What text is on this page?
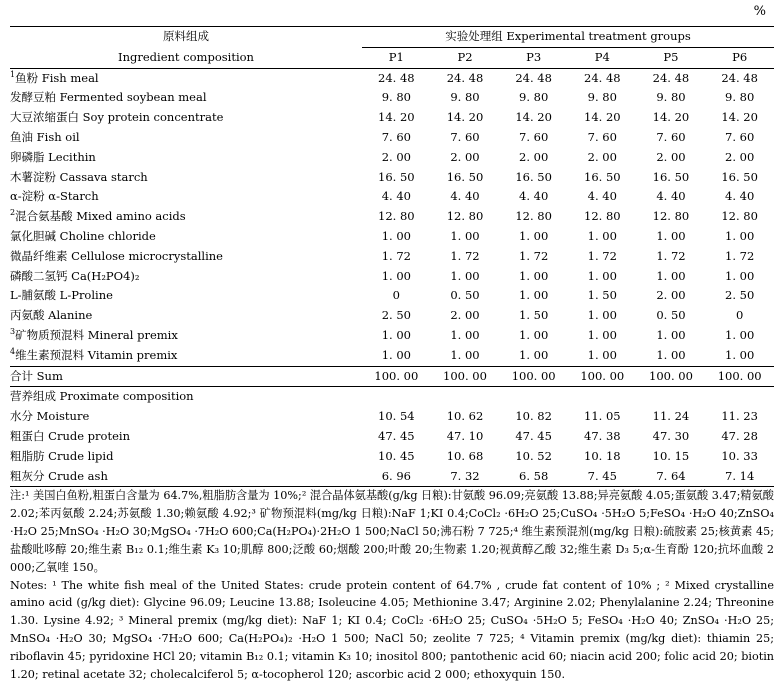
%
原料组成	实验处理组 Experimental treatment groups					
Ingredient composition	P1	P2	P3	P4	P5	P6

$^1$鱼粉 Fish meal	24. 48	24. 48	24. 48	24. 48	24. 48	24. 48
发酵豆粕 Fermented soybean meal	9. 80	9. 80	9. 80	9. 80	9. 80	9. 80
大豆浓缩蛋白 Soy protein concentrate	14. 20	14. 20	14. 20	14. 20	14. 20	14. 20
鱼油 Fish oil	7. 60	7. 60	7. 60	7. 60	7. 60	7. 60
卵磷脂 Lecithin	2. 00	2. 00	2. 00	2. 00	2. 00	2. 00
木薯淀粉 Cassava starch	16. 50	16. 50	16. 50	16. 50	16. 50	16. 50
α-淀粉 α-Starch	4. 40	4. 40	4. 40	4. 40	4. 40	4. 40
$^2$混合氨基酸 Mixed amino acids	12. 80	12. 80	12. 80	12. 80	12. 80	12. 80
氯化胆碱 Choline chloride	1. 00	1. 00	1. 00	1. 00	1. 00	1. 00
微晶纤维素 Cellulose microcrystalline	1. 72	1. 72	1. 72	1. 72	1. 72	1. 72
磷酸二氢钙 Ca(H₂PO4)₂	1. 00	1. 00	1. 00	1. 00	1. 00	1. 00
L-脯氨酸 L-Proline	0	0. 50	1. 00	1. 50	2. 00	2. 50
丙氨酸 Alanine	2. 50	2. 00	1. 50	1. 00	0. 50	0
$^3$矿物质预混料 Mineral premix	1. 00	1. 00	1. 00	1. 00	1. 00	1. 00
$^4$维生素预混料 Vitamin premix	1. 00	1. 00	1. 00	1. 00	1. 00	1. 00
合计 Sum	100. 00	100. 00	100. 00	100. 00	100. 00	100. 00
营养组成 Proximate composition						
水分 Moisture	10. 54	10. 62	10. 82	11. 05	11. 24	11. 23
粗蛋白 Crude protein	47. 45	47. 10	47. 45	47. 38	47. 30	47. 28
粗脂肪 Crude lipid	10. 45	10. 68	10. 52	10. 18	10. 15	10. 33
粗灰分 Crude ash	6. 96	7. 32	6. 58	7. 45	7. 64	7. 14

注:¹ 美国白鱼粉,粗蛋白含量为 64.7%,粗脂肪含量为 10%;² 混合晶体氨基酸(g/kg 日粮):甘氨酸 96.09;亮氨酸 13.88;异亮氨酸 4.05;蛋氨酸 3.47;精氨酸 2.02;苯丙氨酸 2.24;苏氨酸 1.30;赖氨酸 4.92;³ 矿物预混料(mg/kg 日粮):NaF 1;KI 0.4;CoCl₂ ·6H₂O 25;CuSO₄ ·5H₂O 5;FeSO₄ ·H₂O 40;ZnSO₄ ·H₂O 25;MnSO₄ ·H₂O 30;MgSO₄ ·7H₂O 600;Ca(H₂PO₄)·2H₂O 1 500;NaCl 50;沸石粉 7 725;⁴ 维生素预混剂(mg/kg 日粮):硫胺素 25;核黄素 45;盐酸吡哆醇 20;维生素 B₁₂ 0.1;维生素 K₃ 10;肌醇 800;泛酸 60;烟酸 200;叶酸 20;生物素 1.20;视黄醇乙酸 32;维生素 D₃ 5;α-生育酚 120;抗坏血酸 2 000;乙氧喹 150。

Notes: ¹ The white fish meal of the United States: crude protein content of 64.7% , crude fat content of 10% ; ² Mixed crystalline amino acid (g/kg diet): Glycine 96.09; Leucine 13.88; Isoleucine 4.05; Methionine 3.47; Arginine 2.02; Phenylalanine 2.24; Threonine 1.30. Lysine 4.92; ³ Mineral premix (mg/kg diet): NaF 1; KI 0.4; CoCl₂ ·6H₂O 25; CuSO₄ ·5H₂O 5; FeSO₄ ·H₂O 40; ZnSO₄ ·H₂O 25; MnSO₄ ·H₂O 30; MgSO₄ ·7H₂O 600; Ca(H₂PO₄)₂ ·H₂O 1 500; NaCl 50; zeolite 7 725; ⁴ Vitamin premix (mg/kg diet): thiamin 25; riboflavin 45; pyridoxine HCl 20; vitamin B₁₂ 0.1; vitamin K₃ 10; inositol 800; pantothenic acid 60; niacin acid 200; folic acid 20; biotin 1.20; retinal acetate 32; cholecalciferol 5; α-tocopherol 120; ascorbic acid 2 000; ethoxyquin 150.
